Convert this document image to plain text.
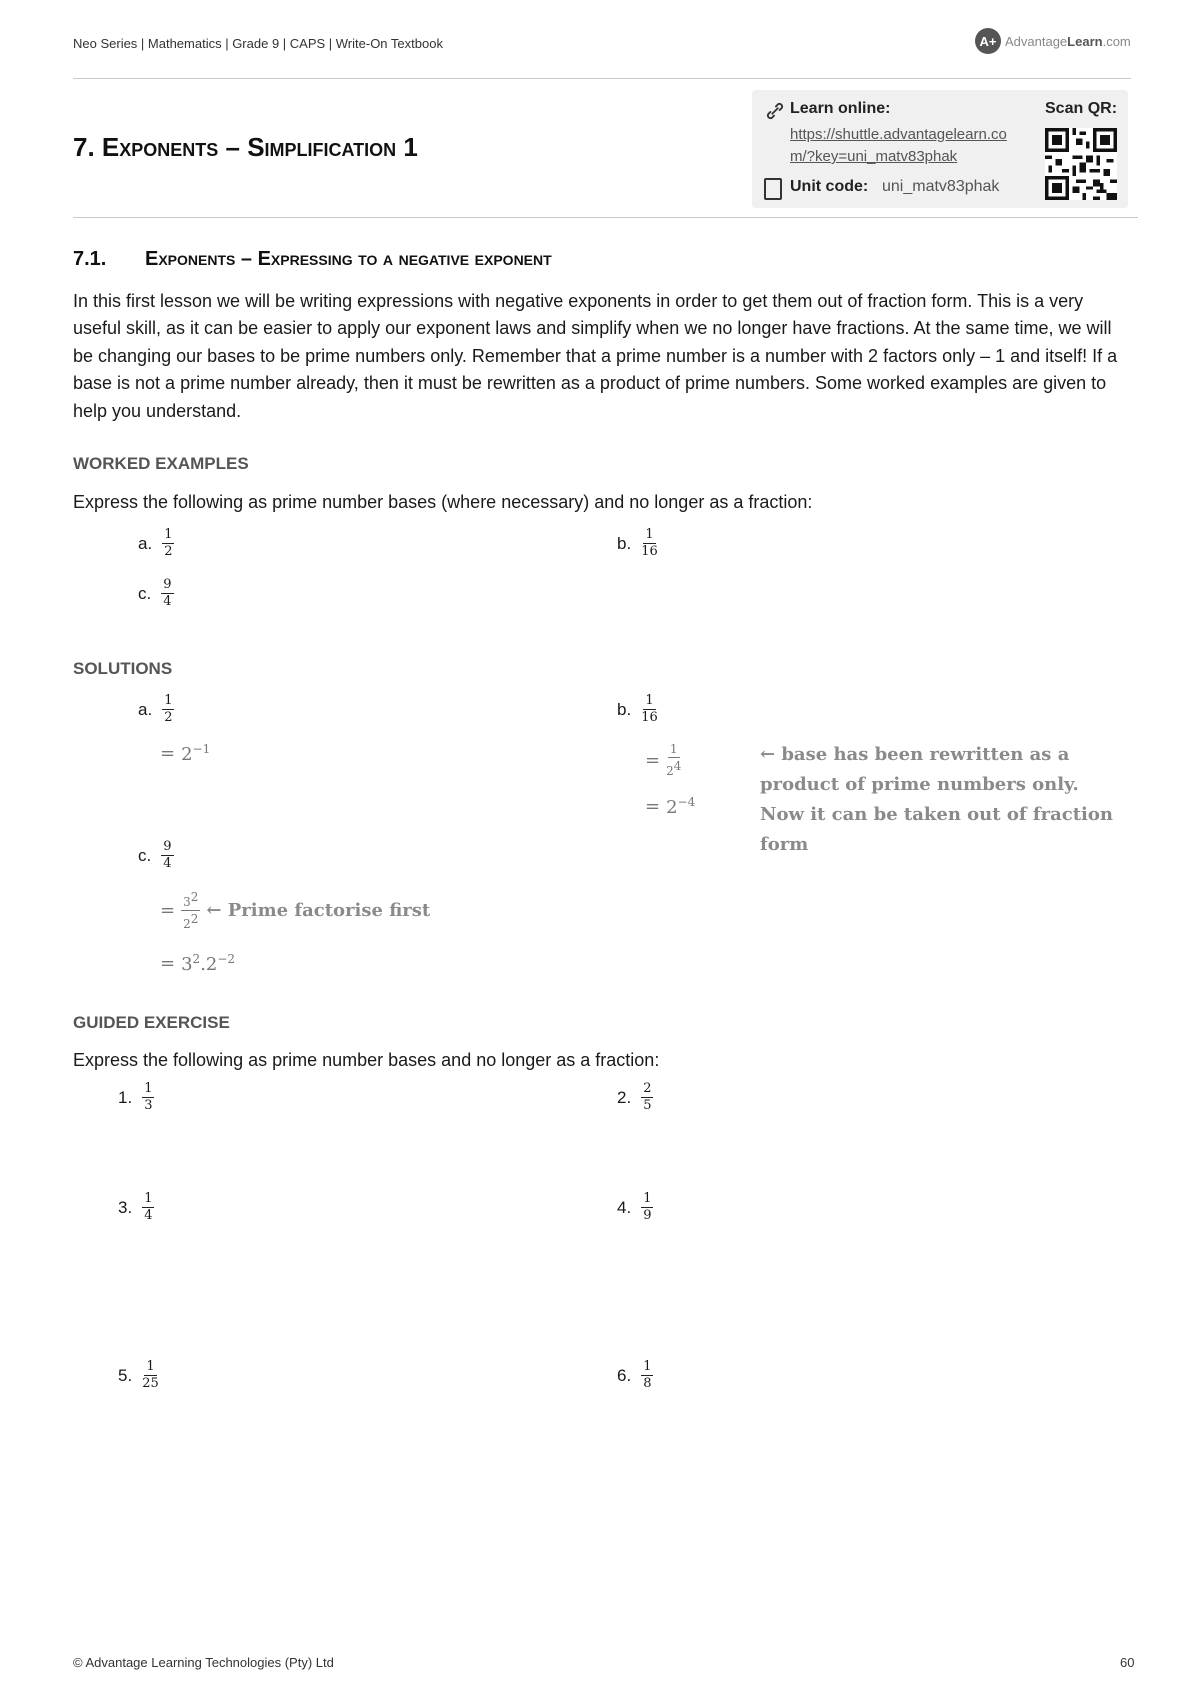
Neo Series | Mathematics | Grade 9 | CAPS | Write-On Textbook	A+ AdvantageLearn.com
7. Exponents – Simplification 1
Learn online:
https://shuttle.advantagelearn.com/?key=uni_matv83phak
Unit code: uni_matv83phak
Scan QR:
7.1. Exponents – Expressing to a negative exponent
In this first lesson we will be writing expressions with negative exponents in order to get them out of fraction form. This is a very useful skill, as it can be easier to apply our exponent laws and simplify when we no longer have fractions. At the same time, we will be changing our bases to be prime numbers only. Remember that a prime number is a number with 2 factors only – 1 and itself! If a base is not a prime number already, then it must be rewritten as a product of prime numbers. Some worked examples are given to help you understand.
WORKED EXAMPLES
Express the following as prime number bases (where necessary) and no longer as a fraction:
a. $\frac{1}{2}$	b. $\frac{1}{16}$
c. $\frac{9}{4}$
SOLUTIONS
a. $\frac{1}{2}$
= $2^{-1}$
b. $\frac{1}{16}$
= $\frac{1}{2^4}$
= $2^{-4}$
← base has been rewritten as a product of prime numbers only. Now it can be taken out of fraction form
c. $\frac{9}{4}$
= $\frac{3^2}{2^2}$ ← Prime factorise first
= $3^2.2^{-2}$
GUIDED EXERCISE
Express the following as prime number bases and no longer as a fraction:
1. $\frac{1}{3}$	2. $\frac{2}{5}$
3. $\frac{1}{4}$	4. $\frac{1}{9}$
5. $\frac{1}{25}$	6. $\frac{1}{8}$
© Advantage Learning Technologies (Pty) Ltd	60
